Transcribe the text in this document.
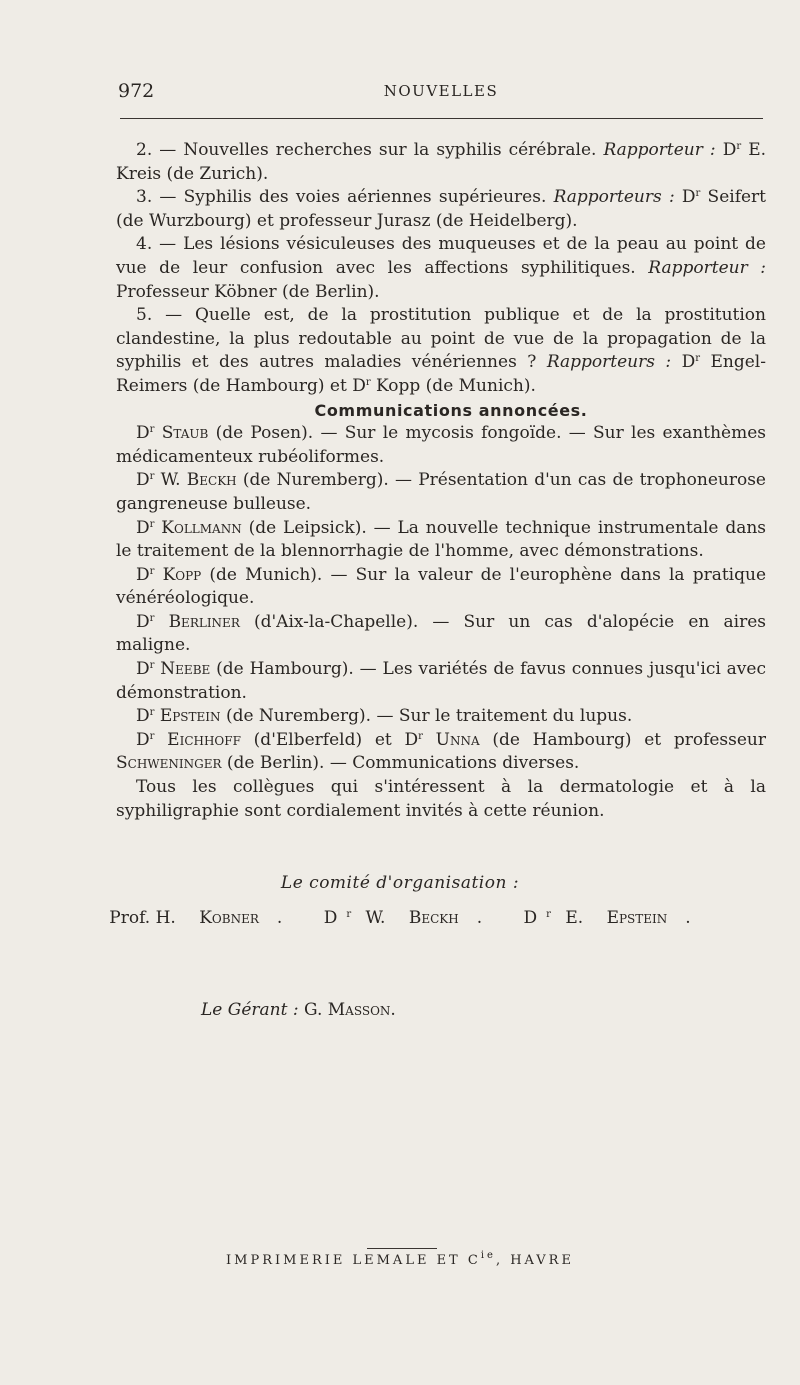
972	NOUVELLES

2. — Nouvelles recherches sur la syphilis cérébrale. Rapporteur : $D^r$ E. Kreis (de Zurich).

3. — Syphilis des voies aériennes supérieures. Rapporteurs : $D^r$ Seifert (de Wurzbourg) et professeur Jurasz (de Heidelberg).

4. — Les lésions vésiculeuses des muqueuses et de la peau au point de vue de leur confusion avec les affections syphilitiques. Rapporteur : Professeur Köbner (de Berlin).

5. — Quelle est, de la prostitution publique et de la prostitution clandestine, la plus redoutable au point de vue de la propagation de la syphilis et des autres maladies vénériennes ? Rapporteurs : $D^r$ Engel-Reimers (de Hambourg) et $D^r$ Kopp (de Munich).

Communications annoncées.

$D^r$ Staub (de Posen). — Sur le mycosis fongoïde. — Sur les exanthèmes médicamenteux rubéoliformes.

$D^r$ W. Beckh (de Nuremberg). — Présentation d'un cas de trophoneurose gangreneuse bulleuse.

$D^r$ Kollmann (de Leipsick). — La nouvelle technique instrumentale dans le traitement de la blennorrhagie de l'homme, avec démonstrations.

$D^r$ Kopp (de Munich). — Sur la valeur de l'europhène dans la pratique vénéréologique.

$D^r$ Berliner (d'Aix-la-Chapelle). — Sur un cas d'alopécie en aires maligne.

$D^r$ Neebe (de Hambourg). — Les variétés de favus connues jusqu'ici avec démonstration.

$D^r$ Epstein (de Nuremberg). — Sur le traitement du lupus.

$D^r$ Eichhoff (d'Elberfeld) et $D^r$ Unna (de Hambourg) et professeur Schweninger (de Berlin). — Communications diverses.

Tous les collègues qui s'intéressent à la dermatologie et à la syphiligraphie sont cordialement invités à cette réunion.

Le comité d'organisation :
Prof. H. Kobner . D $^r$ W. Beckh . D $^r$ E. Epstein .
Le Gérant : G. Masson.
IMPRIMERIE LEMALE ET $C^{ie}$, HAVRE
